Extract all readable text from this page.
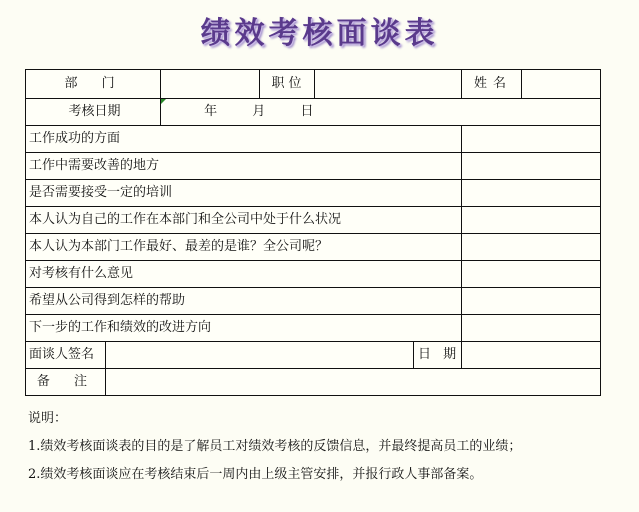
绩效考核面谈表
部 门			职位			姓名	
考核日期		年 月 日					
工作成功的方面							
工作中需要改善的地方							
是否需要接受一定的培训							
本人认为自己的工作在本部门和全公司中处于什么状况							
本人认为本部门工作最好、最差的是谁？全公司呢？							
对考核有什么意见							
希望从公司得到怎样的帮助							
下一步的工作和绩效的改进方向							
面谈人签名					日 期		
备 注							
说明：
1.绩效考核面谈表的目的是了解员工对绩效考核的反馈信息，并最终提高员工的业绩；
2.绩效考核面谈应在考核结束后一周内由上级主管安排，并报行政人事部备案。
